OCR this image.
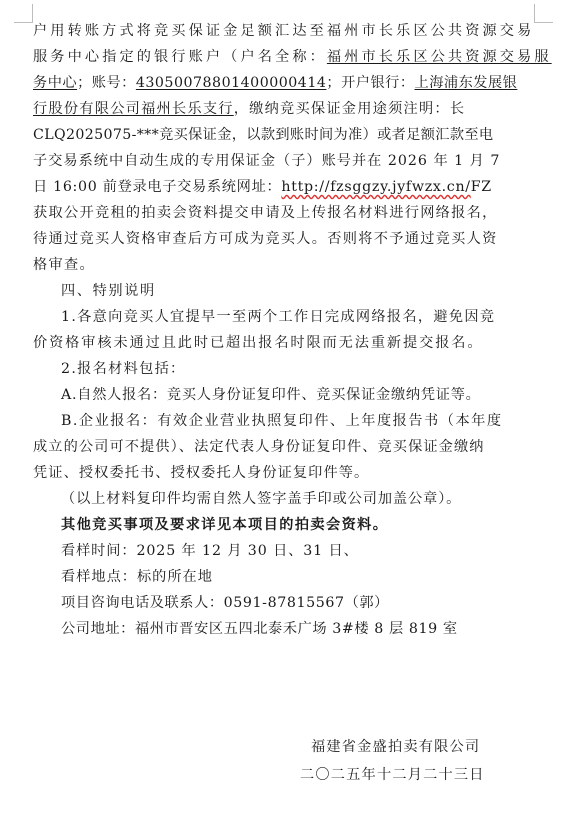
户用转账方式将竞买保证金足额汇达至福州市长乐区公共资源交易
服务中心指定的银行账户（户名全称：福州市长乐区公共资源交易服
务中心；账号：43050078801400000414；开户银行：上海浦东发展银
行股份有限公司福州长乐支行，缴纳竞买保证金用途须注明：长
CLQ2025075-***竞买保证金，以款到账时间为准）或者足额汇款至电
子交易系统中自动生成的专用保证金（子）账号并在 2026 年 1 月 7
日 16:00 前登录电子交易系统网址：http://fzsggzy.jyfwzx.cn/FZ
获取公开竞租的拍卖会资料提交申请及上传报名材料进行网络报名，
待通过竞买人资格审查后方可成为竞买人。否则将不予通过竞买人资
格审查。
四、特别说明
1.各意向竞买人宜提早一至两个工作日完成网络报名，避免因竞
价资格审核未通过且此时已超出报名时限而无法重新提交报名。
2.报名材料包括：
A.自然人报名：竞买人身份证复印件、竞买保证金缴纳凭证等。
B.企业报名：有效企业营业执照复印件、上年度报告书（本年度
成立的公司可不提供）、法定代表人身份证复印件、竞买保证金缴纳
凭证、授权委托书、授权委托人身份证复印件等。
（以上材料复印件均需自然人签字盖手印或公司加盖公章）。
其他竞买事项及要求详见本项目的拍卖会资料。
看样时间：2025 年 12 月 30 日、31 日、
看样地点：标的所在地
项目咨询电话及联系人：0591-87815567（郭）
公司地址：福州市晋安区五四北泰禾广场 3#楼 8 层 819 室
福建省金盛拍卖有限公司
二〇二五年十二月二十三日
